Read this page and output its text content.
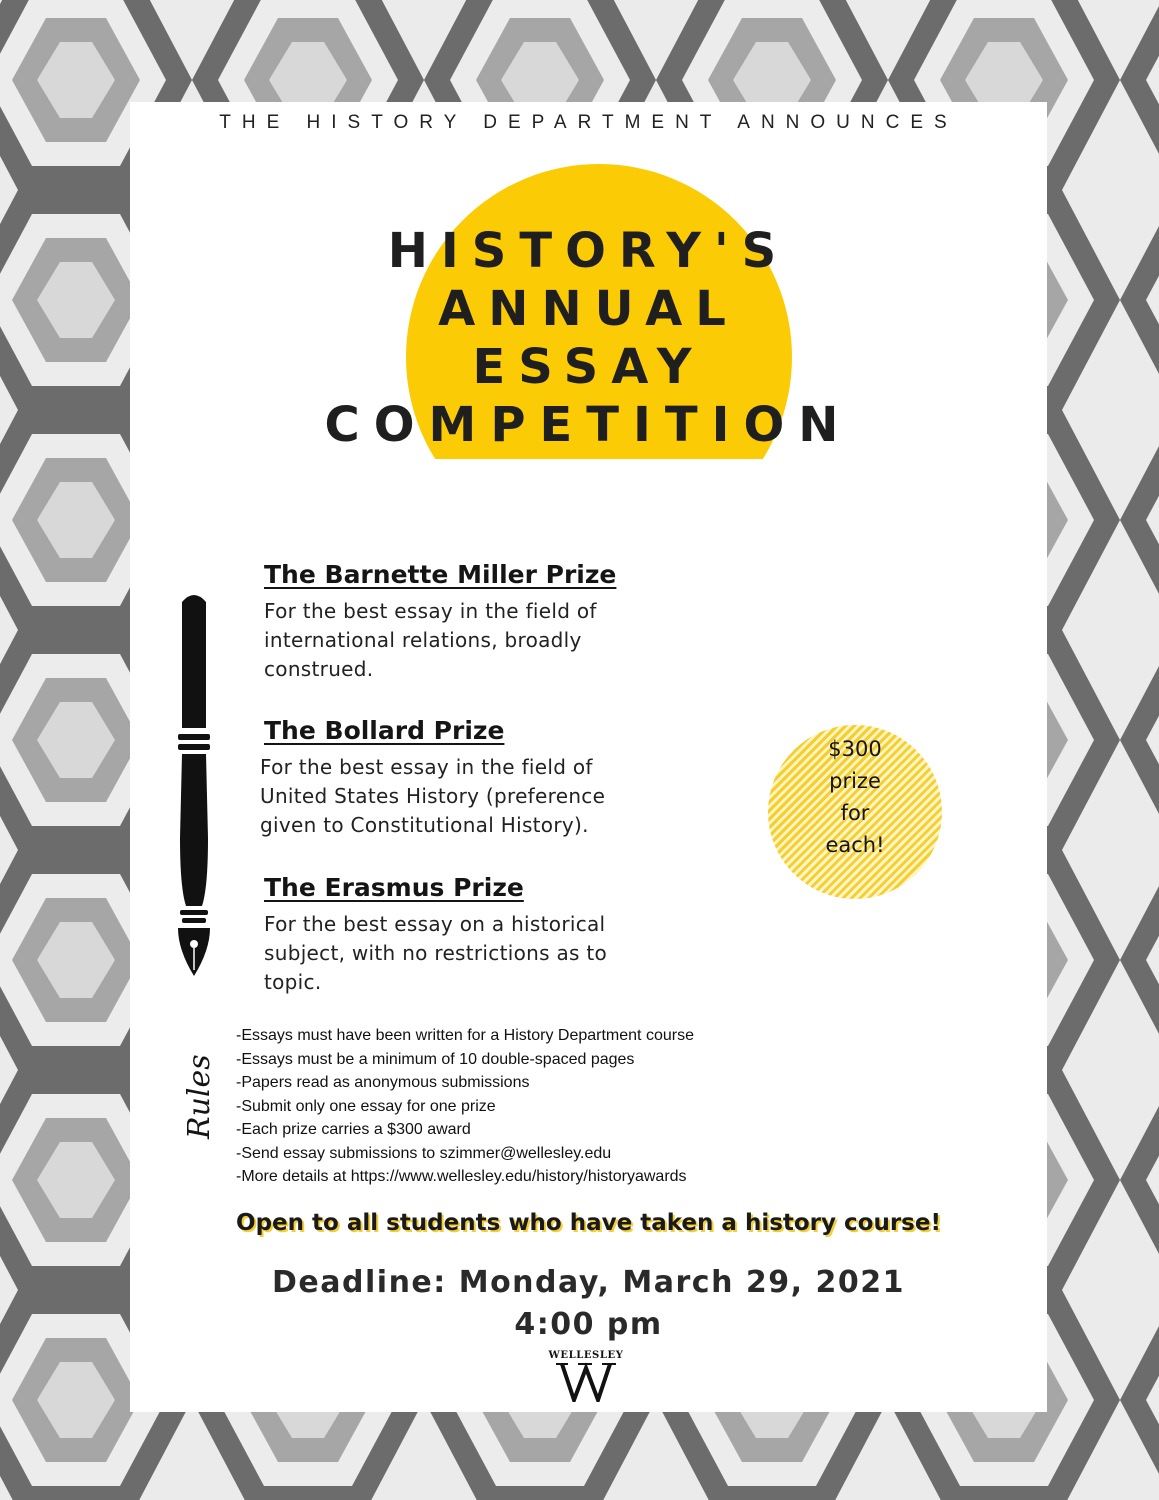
THE HISTORY DEPARTMENT ANNOUNCES
HISTORY'S
ANNUAL
ESSAY
COMPETITION
The Barnette Miller Prize

For the best essay in the field of
international relations, broadly
construed.

The Bollard Prize

For the best essay in the field of
United States History (preference
given to Constitutional History).

The Erasmus Prize

For the best essay on a historical
subject, with no restrictions as to
topic.

$300
prize
for
each!
Rules
-Essays must have been written for a History Department course
-Essays must be a minimum of 10 double-spaced pages
-Papers read as anonymous submissions
-Submit only one essay for one prize
-Each prize carries a $300 award
-Send essay submissions to szimmer@wellesley.edu
-More details at https://www.wellesley.edu/history/historyawards
Open to all students who have taken a history course!
Deadline: Monday, March 29, 2021
4:00 pm
WELLESLEY
